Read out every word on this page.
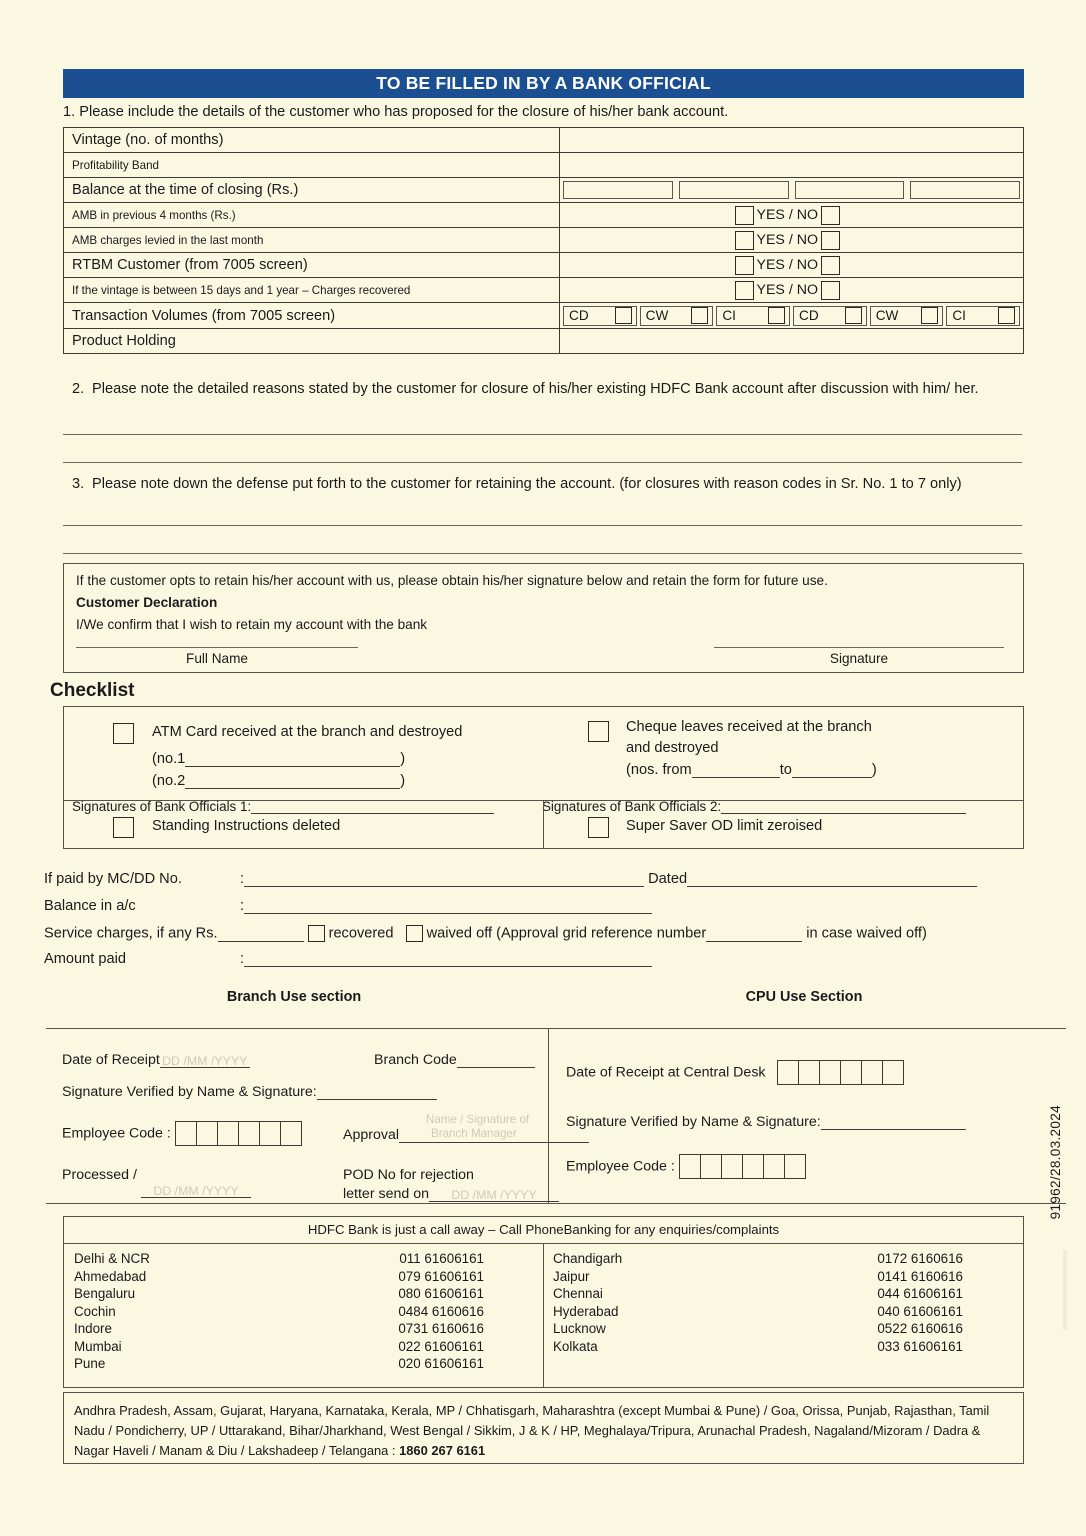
TO BE FILLED IN BY A BANK OFFICIAL
1. Please include the details of the customer who has proposed for the closure of his/her bank account.
Vintage (no. of months)	
Profitability Band	
Balance at the time of closing (Rs.)	

AMB in previous 4 months (Rs.)	YES / NO

AMB charges levied in the last month	YES / NO

RTBM Customer (from 7005 screen)	YES / NO

If the vintage is between 15 days and 1 year – Charges recovered	YES / NO

Transaction Volumes (from 7005 screen)	CD	CW	CI	CD	CW	CI

Product Holding	
2. Please note the detailed reasons stated by the customer for closure of his/her existing HDFC Bank account after discussion with him/ her.
3. Please note down the defense put forth to the customer for retaining the account. (for closures with reason codes in Sr. No. 1 to 7 only)
If the customer opts to retain his/her account with us, please obtain his/her signature below and retain the form for future use.
Customer Declaration
I/We confirm that I wish to retain my account with the bank
Full Name	Signature
Checklist
ATM Card received at the branch and destroyed
(no.1	)
(no.2	)
Cheque leaves received at the branch
and destroyed
(nos. from	to	)
Signatures of Bank Officials 1:	Signatures of Bank Officials 2:
Standing Instructions deleted	Super Saver OD limit zeroised
If paid by MC/DD No.	:	Dated
Balance in a/c	:
Service charges, if any Rs.	recovered waived off (Approval grid reference number	in case waived off)
Amount paid	:
Branch Use section	CPU Use Section
Date of Receipt DD /MM /YYYY	Branch Code
Signature Verified by Name & Signature:
Employee Code :	Approval
Name / Signature of
Branch Manager
Processed /
DD /MM /YYYY
POD No for rejection
letter send on DD /MM /YYYY
Date of Receipt at Central Desk
Signature Verified by Name & Signature:
Employee Code :
HDFC Bank is just a call away – Call PhoneBanking for any enquiries/complaints
Delhi & NCR	011 61606161
Ahmedabad	079 61606161
Bengaluru	080 61606161
Cochin	0484 6160616
Indore	0731 6160616
Mumbai	022 61606161
Pune	020 61606161
Chandigarh	0172 6160616
Jaipur	0141 6160616
Chennai	044 61606161
Hyderabad	040 61606161
Lucknow	0522 6160616
Kolkata	033 61606161

Andhra Pradesh, Assam, Gujarat, Haryana, Karnataka, Kerala, MP / Chhatisgarh, Maharashtra (except Mumbai & Pune) / Goa, Orissa, Punjab, Rajasthan, Tamil Nadu / Pondicherry, UP / Uttarakand, Bihar/Jharkhand, West Bengal / Sikkim, J & K / HP, Meghalaya/Tripura, Arunachal Pradesh, Nagaland/Mizoram / Dadra & Nagar Haveli / Manam & Diu / Lakshadeep / Telangana : 1860 267 6161

91962/28.03.2024
